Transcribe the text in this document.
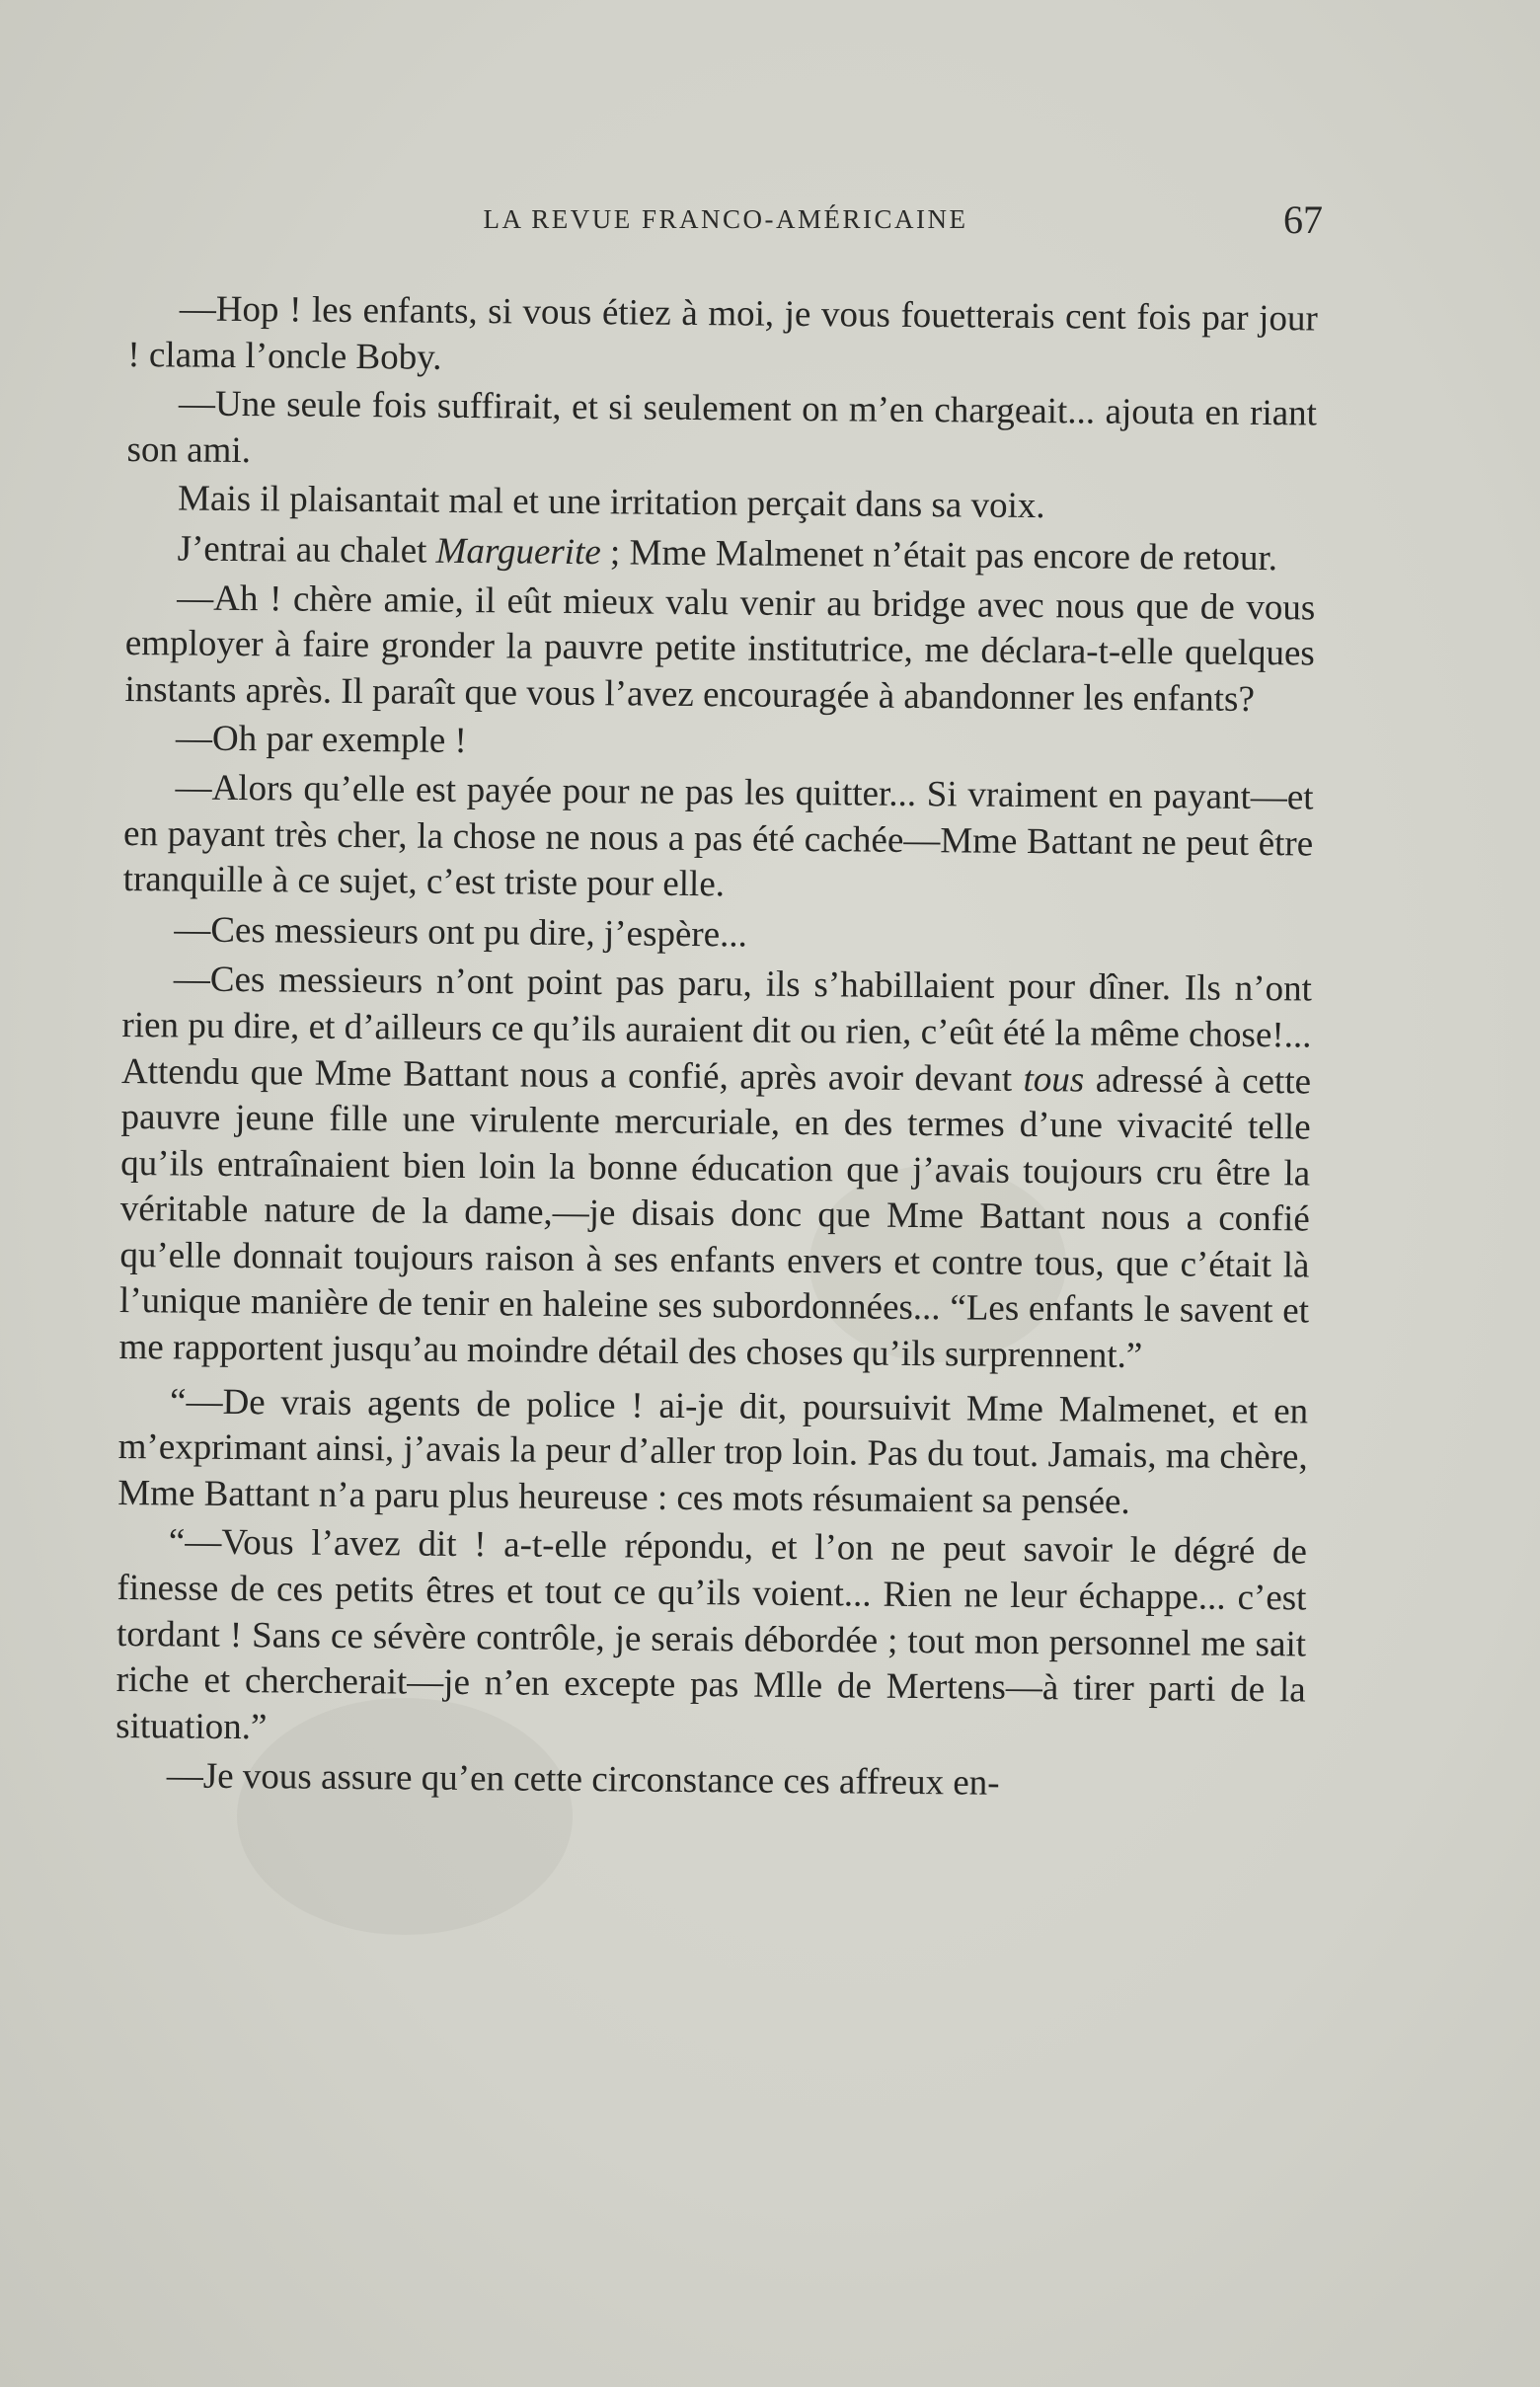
LA REVUE FRANCO-AMÉRICAINE	67

—Hop ! les enfants, si vous étiez à moi, je vous fouetterais cent fois par jour ! clama l’oncle Boby.

—Une seule fois suffirait, et si seulement on m’en chargeait... ajouta en riant son ami.

Mais il plaisantait mal et une irritation perçait dans sa voix.

J’entrai au chalet Marguerite ; Mme Malmenet n’était pas encore de retour.

—Ah ! chère amie, il eût mieux valu venir au bridge avec nous que de vous employer à faire gronder la pauvre petite institutrice, me déclara-t-elle quelques instants après. Il paraît que vous l’avez encouragée à abandonner les enfants?

—Oh par exemple !

—Alors qu’elle est payée pour ne pas les quitter... Si vraiment en payant—et en payant très cher, la chose ne nous a pas été cachée—Mme Battant ne peut être tranquille à ce sujet, c’est triste pour elle.

—Ces messieurs ont pu dire, j’espère...

—Ces messieurs n’ont point pas paru, ils s’habillaient pour dîner. Ils n’ont rien pu dire, et d’ailleurs ce qu’ils auraient dit ou rien, c’eût été la même chose!... Attendu que Mme Battant nous a confié, après avoir devant tous adressé à cette pauvre jeune fille une virulente mercuriale, en des termes d’une vivacité telle qu’ils entraînaient bien loin la bonne éducation que j’avais toujours cru être la véritable nature de la dame,—je disais donc que Mme Battant nous a confié qu’elle donnait toujours raison à ses enfants envers et contre tous, que c’était là l’unique manière de tenir en haleine ses subordonnées... “Les enfants le savent et me rapportent jusqu’au moindre détail des choses qu’ils surprennent.”

“—De vrais agents de police ! ai-je dit, poursuivit Mme Malmenet, et en m’exprimant ainsi, j’avais la peur d’aller trop loin. Pas du tout. Jamais, ma chère, Mme Battant n’a paru plus heureuse : ces mots résumaient sa pensée.

“—Vous l’avez dit ! a-t-elle répondu, et l’on ne peut savoir le dégré de finesse de ces petits êtres et tout ce qu’ils voient... Rien ne leur échappe... c’est tordant ! Sans ce sévère contrôle, je serais débordée ; tout mon personnel me sait riche et chercherait—je n’en excepte pas Mlle de Mertens—à tirer parti de la situation.”

—Je vous assure qu’en cette circonstance ces affreux en-
